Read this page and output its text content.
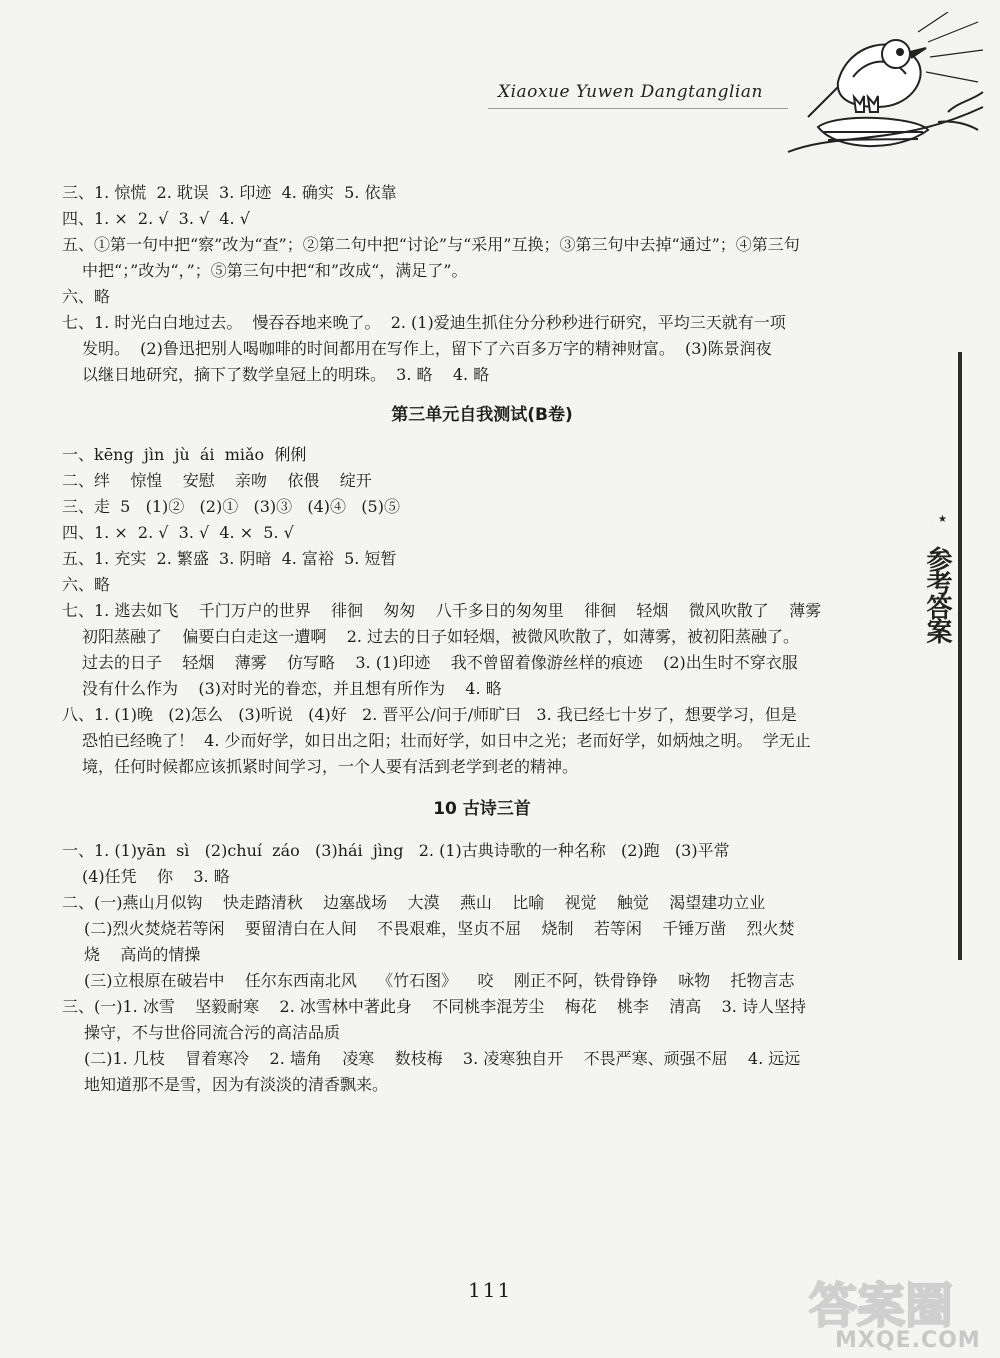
Xiaoxue Yuwen Dangtanglian
★
参考答案

三、1. 惊慌  2. 耽误  3. 印迹  4. 确实  5. 依靠

四、1. ×  2. √  3. √  4. √

五、①第一句中把“察”改为“查”；②第二句中把“讨论”与“采用”互换；③第三句中去掉“通过”；④第三句

中把“；”改为“，”；⑤第三句中把“和”改成“，满足了”。

六、略

七、1. 时光白白地过去。  慢吞吞地来晚了。  2. (1)爱迪生抓住分分秒秒进行研究，平均三天就有一项

发明。  (2)鲁迅把别人喝咖啡的时间都用在写作上，留下了六百多万字的精神财富。  (3)陈景润夜

以继日地研究，摘下了数学皇冠上的明珠。  3. 略    4. 略

第三单元自我测试(B卷)

一、kēng  jìn  jù  ái  miǎo  俐俐

二、绊    惊惶    安慰    亲吻    依偎    绽开

三、走  5   (1)②   (2)①   (3)③   (4)④   (5)⑤

四、1. ×  2. √  3. √  4. ×  5. √

五、1. 充实  2. 繁盛  3. 阴暗  4. 富裕  5. 短暂

六、略

七、1. 逃去如飞    千门万户的世界    徘徊    匆匆    八千多日的匆匆里    徘徊    轻烟    微风吹散了    薄雾

初阳蒸融了    偏要白白走这一遭啊    2. 过去的日子如轻烟，被微风吹散了，如薄雾，被初阳蒸融了。

过去的日子    轻烟    薄雾    仿写略    3. (1)印迹    我不曾留着像游丝样的痕迹    (2)出生时不穿衣服

没有什么作为    (3)对时光的眷恋，并且想有所作为    4. 略

八、1. (1)晚   (2)怎么   (3)听说   (4)好   2. 晋平公/问于/师旷曰   3. 我已经七十岁了，想要学习，但是

恐怕已经晚了！  4. 少而好学，如日出之阳；壮而好学，如日中之光；老而好学，如炳烛之明。  学无止

境，任何时候都应该抓紧时间学习，一个人要有活到老学到老的精神。

10 古诗三首

一、1. (1)yān  sì   (2)chuí  záo   (3)hái  jìng   2. (1)古典诗歌的一种名称   (2)跑   (3)平常

(4)任凭    你    3. 略

二、(一)燕山月似钩    快走踏清秋    边塞战场    大漠    燕山    比喻    视觉    触觉    渴望建功立业

(二)烈火焚烧若等闲    要留清白在人间    不畏艰难，坚贞不屈    烧制    若等闲    千锤万凿    烈火焚

烧    高尚的情操

(三)立根原在破岩中    任尔东西南北风    《竹石图》    咬    刚正不阿，铁骨铮铮    咏物    托物言志

三、(一)1. 冰雪    坚毅耐寒    2. 冰雪林中著此身    不同桃李混芳尘    梅花    桃李    清高    3. 诗人坚持

操守，不与世俗同流合污的高洁品质

(二)1. 几枝    冒着寒冷    2. 墙角    凌寒    数枝梅    3. 凌寒独自开    不畏严寒、顽强不屈    4. 远远

地知道那不是雪，因为有淡淡的清香飘来。

111	答案圈
MXQE.COM
